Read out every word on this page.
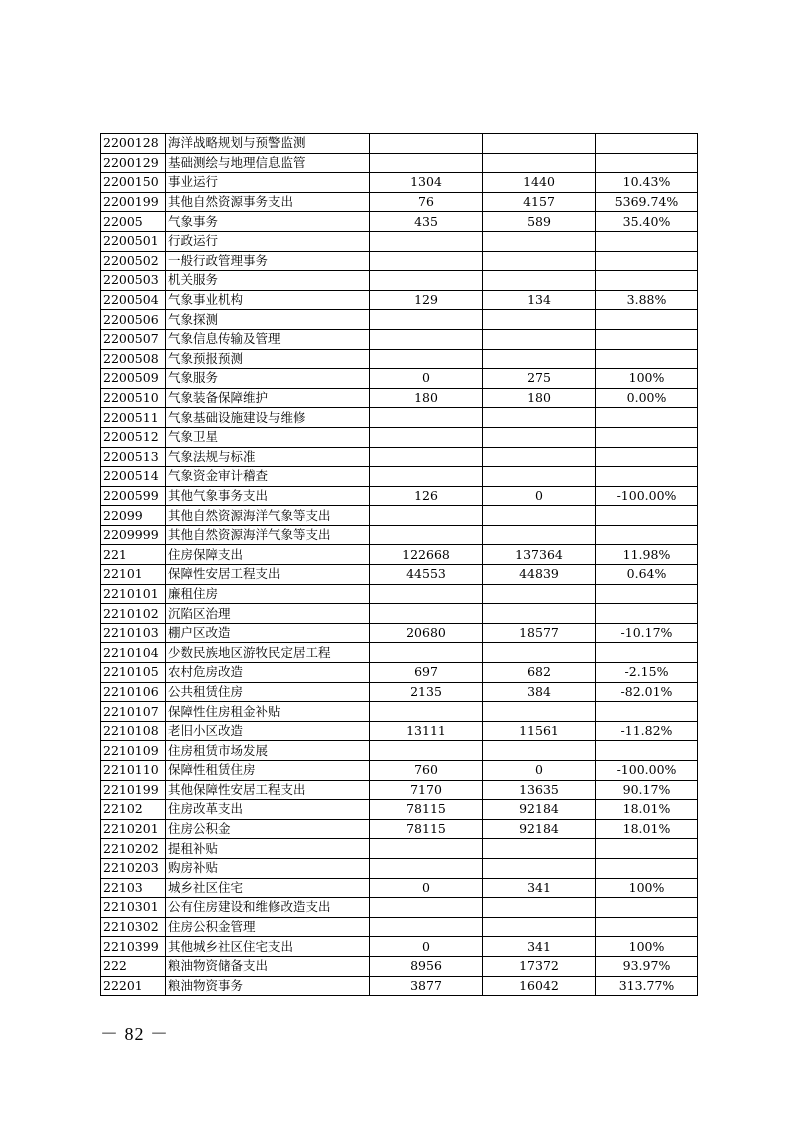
2200128	海洋战略规划与预警监测			
2200129	基础测绘与地理信息监管			
2200150	事业运行	1304	1440	10.43%
2200199	其他自然资源事务支出	76	4157	5369.74%
22005	气象事务	435	589	35.40%
2200501	行政运行			
2200502	一般行政管理事务			
2200503	机关服务			
2200504	气象事业机构	129	134	3.88%
2200506	气象探测			
2200507	气象信息传输及管理			
2200508	气象预报预测			
2200509	气象服务	0	275	100%
2200510	气象装备保障维护	180	180	0.00%
2200511	气象基础设施建设与维修			
2200512	气象卫星			
2200513	气象法规与标准			
2200514	气象资金审计稽查			
2200599	其他气象事务支出	126	0	-100.00%
22099	其他自然资源海洋气象等支出			
2209999	其他自然资源海洋气象等支出			
221	住房保障支出	122668	137364	11.98%
22101	保障性安居工程支出	44553	44839	0.64%
2210101	廉租住房			
2210102	沉陷区治理			
2210103	棚户区改造	20680	18577	-10.17%
2210104	少数民族地区游牧民定居工程			
2210105	农村危房改造	697	682	-2.15%
2210106	公共租赁住房	2135	384	-82.01%
2210107	保障性住房租金补贴			
2210108	老旧小区改造	13111	11561	-11.82%
2210109	住房租赁市场发展			
2210110	保障性租赁住房	760	0	-100.00%
2210199	其他保障性安居工程支出	7170	13635	90.17%
22102	住房改革支出	78115	92184	18.01%
2210201	住房公积金	78115	92184	18.01%
2210202	提租补贴			
2210203	购房补贴			
22103	城乡社区住宅	0	341	100%
2210301	公有住房建设和维修改造支出			
2210302	住房公积金管理			
2210399	其他城乡社区住宅支出	0	341	100%
222	粮油物资储备支出	8956	17372	93.97%
22201	粮油物资事务	3877	16042	313.77%
－ 82 －
